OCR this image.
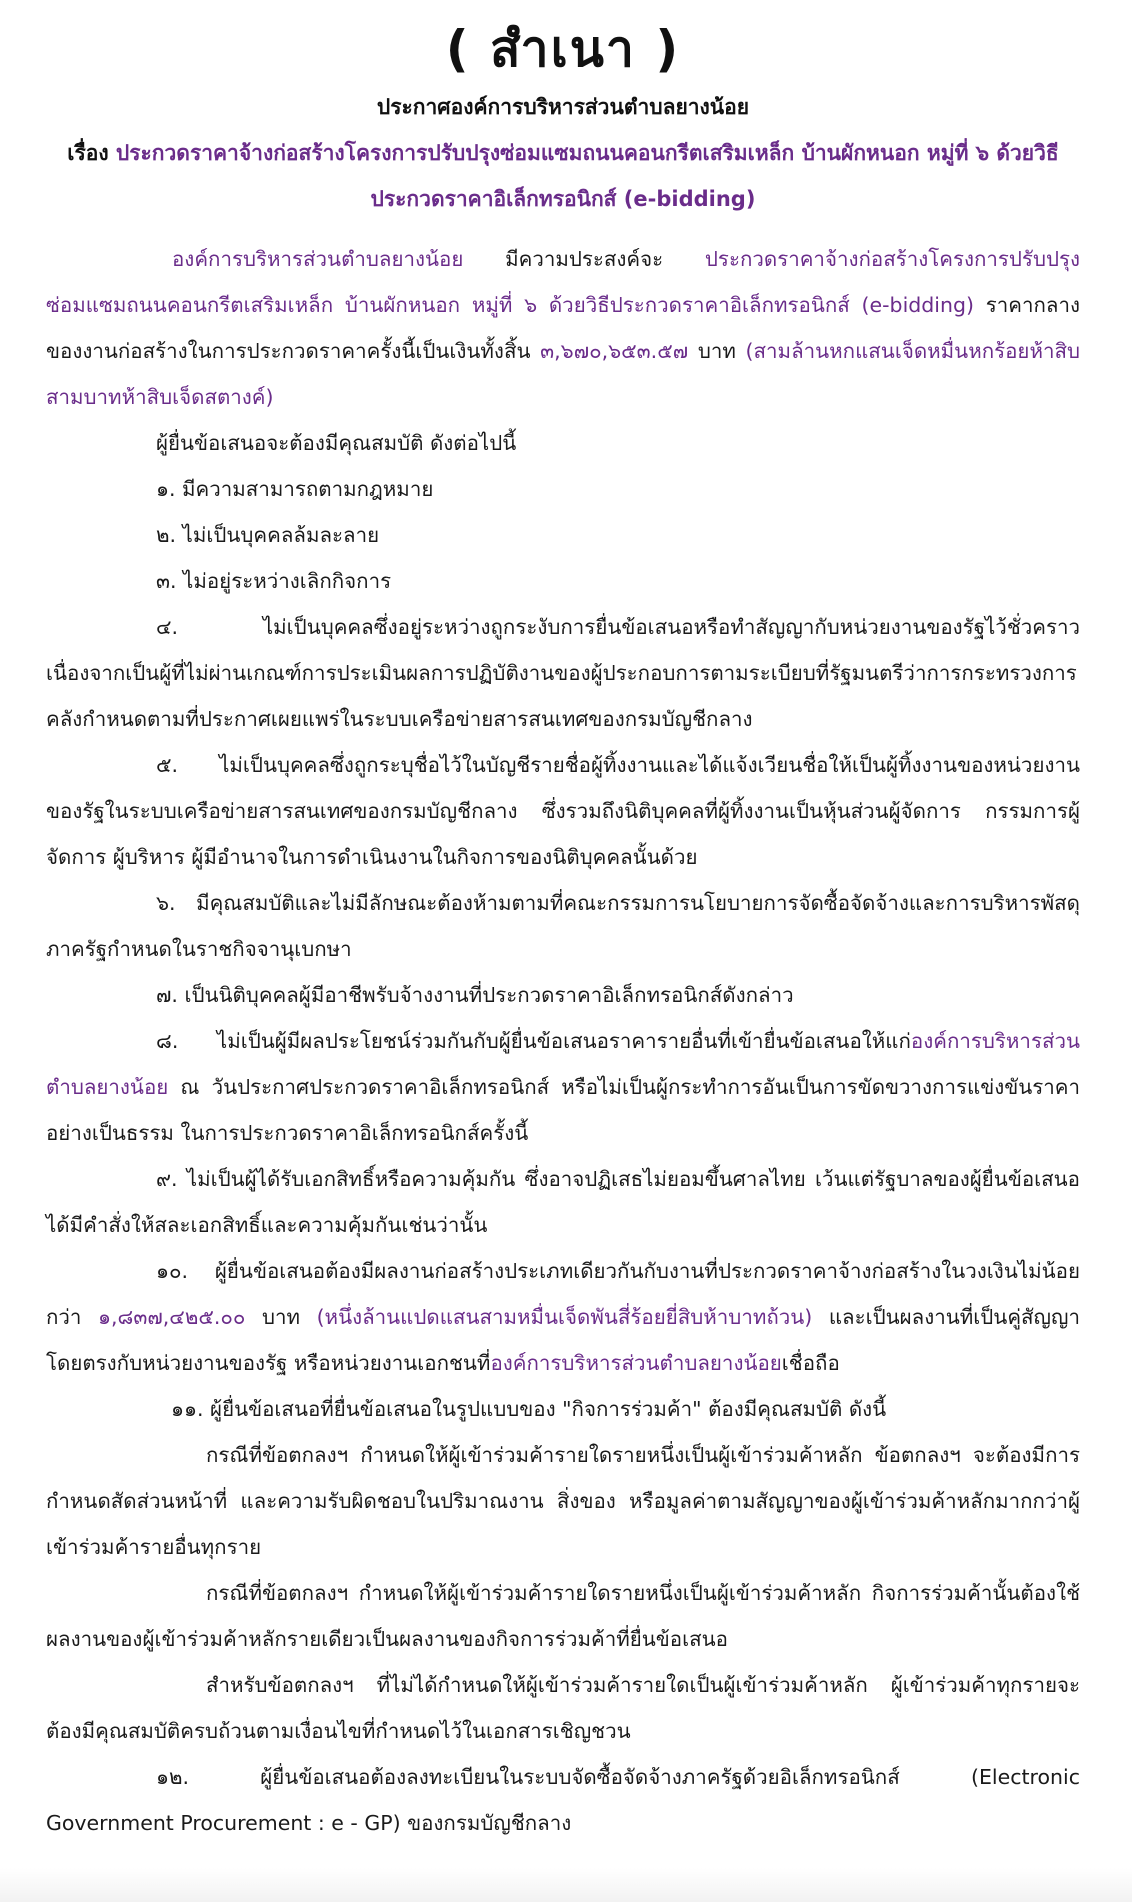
( สำเนา )
ประกาศองค์การบริหารส่วนตำบลยางน้อย
เรื่อง ประกวดราคาจ้างก่อสร้างโครงการปรับปรุงซ่อมแซมถนนคอนกรีตเสริมเหล็ก บ้านผักหนอก หมู่ที่ ๖ ด้วยวิธี
ประกวดราคาอิเล็กทรอนิกส์ (e-bidding)

องค์การบริหารส่วนตำบลยางน้อย มีความประสงค์จะ ประกวดราคาจ้างก่อสร้างโครงการปรับปรุงซ่อมแซมถนนคอนกรีตเสริมเหล็ก บ้านผักหนอก หมู่ที่ ๖ ด้วยวิธีประกวดราคาอิเล็กทรอนิกส์ (e-bidding) ราคากลางของงานก่อสร้างในการประกวดราคาครั้งนี้เป็นเงินทั้งสิ้น ๓,๖๗๐,๖๕๓.๕๗ บาท (สามล้านหกแสนเจ็ดหมื่นหกร้อยห้าสิบสามบาทห้าสิบเจ็ดสตางค์)

ผู้ยื่นข้อเสนอจะต้องมีคุณสมบัติ ดังต่อไปนี้

๑. มีความสามารถตามกฎหมาย

๒. ไม่เป็นบุคคลล้มละลาย

๓. ไม่อยู่ระหว่างเลิกกิจการ

๔. ไม่เป็นบุคคลซึ่งอยู่ระหว่างถูกระงับการยื่นข้อเสนอหรือทำสัญญากับหน่วยงานของรัฐไว้ชั่วคราว เนื่องจากเป็นผู้ที่ไม่ผ่านเกณฑ์การประเมินผลการปฏิบัติงานของผู้ประกอบการตามระเบียบที่รัฐมนตรีว่าการกระทรวงการคลังกำหนดตามที่ประกาศเผยแพร่ในระบบเครือข่ายสารสนเทศของกรมบัญชีกลาง

๕. ไม่เป็นบุคคลซึ่งถูกระบุชื่อไว้ในบัญชีรายชื่อผู้ทิ้งงานและได้แจ้งเวียนชื่อให้เป็นผู้ทิ้งงานของหน่วยงานของรัฐในระบบเครือข่ายสารสนเทศของกรมบัญชีกลาง ซึ่งรวมถึงนิติบุคคลที่ผู้ทิ้งงานเป็นหุ้นส่วนผู้จัดการ กรรมการผู้จัดการ ผู้บริหาร ผู้มีอำนาจในการดำเนินงานในกิจการของนิติบุคคลนั้นด้วย

๖. มีคุณสมบัติและไม่มีลักษณะต้องห้ามตามที่คณะกรรมการนโยบายการจัดซื้อจัดจ้างและการบริหารพัสดุภาครัฐกำหนดในราชกิจจานุเบกษา

๗. เป็นนิติบุคคลผู้มีอาชีพรับจ้างงานที่ประกวดราคาอิเล็กทรอนิกส์ดังกล่าว

๘. ไม่เป็นผู้มีผลประโยชน์ร่วมกันกับผู้ยื่นข้อเสนอราคารายอื่นที่เข้ายื่นข้อเสนอให้แก่องค์การบริหารส่วนตำบลยางน้อย ณ วันประกาศประกวดราคาอิเล็กทรอนิกส์ หรือไม่เป็นผู้กระทำการอันเป็นการขัดขวางการแข่งขันราคาอย่างเป็นธรรม ในการประกวดราคาอิเล็กทรอนิกส์ครั้งนี้

๙. ไม่เป็นผู้ได้รับเอกสิทธิ์หรือความคุ้มกัน ซึ่งอาจปฏิเสธไม่ยอมขึ้นศาลไทย เว้นแต่รัฐบาลของผู้ยื่นข้อเสนอได้มีคำสั่งให้สละเอกสิทธิ์และความคุ้มกันเช่นว่านั้น

๑๐. ผู้ยื่นข้อเสนอต้องมีผลงานก่อสร้างประเภทเดียวกันกับงานที่ประกวดราคาจ้างก่อสร้างในวงเงินไม่น้อยกว่า ๑,๘๓๗,๔๒๕.๐๐ บาท (หนึ่งล้านแปดแสนสามหมื่นเจ็ดพันสี่ร้อยยี่สิบห้าบาทถ้วน) และเป็นผลงานที่เป็นคู่สัญญาโดยตรงกับหน่วยงานของรัฐ หรือหน่วยงานเอกชนที่องค์การบริหารส่วนตำบลยางน้อยเชื่อถือ

๑๑. ผู้ยื่นข้อเสนอที่ยื่นข้อเสนอในรูปแบบของ "กิจการร่วมค้า" ต้องมีคุณสมบัติ ดังนี้

กรณีที่ข้อตกลงฯ กำหนดให้ผู้เข้าร่วมค้ารายใดรายหนึ่งเป็นผู้เข้าร่วมค้าหลัก ข้อตกลงฯ จะต้องมีการกำหนดสัดส่วนหน้าที่ และความรับผิดชอบในปริมาณงาน สิ่งของ หรือมูลค่าตามสัญญาของผู้เข้าร่วมค้าหลักมากกว่าผู้เข้าร่วมค้ารายอื่นทุกราย

กรณีที่ข้อตกลงฯ กำหนดให้ผู้เข้าร่วมค้ารายใดรายหนึ่งเป็นผู้เข้าร่วมค้าหลัก กิจการร่วมค้านั้นต้องใช้ผลงานของผู้เข้าร่วมค้าหลักรายเดียวเป็นผลงานของกิจการร่วมค้าที่ยื่นข้อเสนอ

สำหรับข้อตกลงฯ ที่ไม่ได้กำหนดให้ผู้เข้าร่วมค้ารายใดเป็นผู้เข้าร่วมค้าหลัก ผู้เข้าร่วมค้าทุกรายจะต้องมีคุณสมบัติครบถ้วนตามเงื่อนไขที่กำหนดไว้ในเอกสารเชิญชวน

๑๒. ผู้ยื่นข้อเสนอต้องลงทะเบียนในระบบจัดซื้อจัดจ้างภาครัฐด้วยอิเล็กทรอนิกส์ (Electronic Government Procurement : e - GP) ของกรมบัญชีกลาง
